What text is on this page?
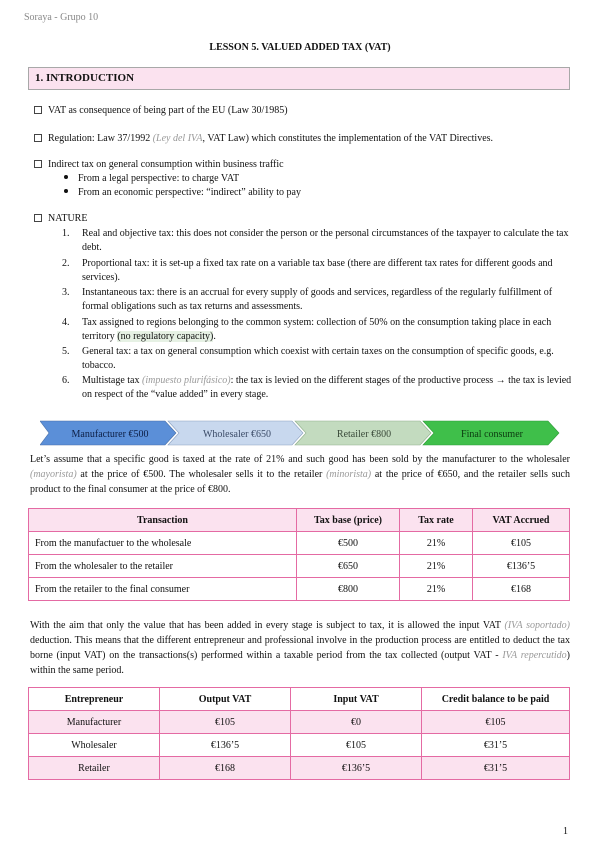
Soraya - Grupo 10
LESSON 5. VALUED ADDED TAX (VAT)
1. INTRODUCTION
VAT as consequence of being part of the EU (Law 30/1985)
Regulation: Law 37/1992 (Ley del IVA, VAT Law) which constitutes the implementation of the VAT Directives.
Indirect tax on general consumption within business traffic
From a legal perspective: to charge VAT
From an economic perspective: “indirect” ability to pay
NATURE
1. Real and objective tax: this does not consider the person or the personal circumstances of the taxpayer to calculate the tax debt.
2. Proportional tax: it is set-up a fixed tax rate on a variable tax base (there are different tax rates for different goods and services).
3. Instantaneous tax: there is an accrual for every supply of goods and services, regardless of the regularly fulfillment of formal obligations such as tax returns and assessments.
4. Tax assigned to regions belonging to the common system: collection of 50% on the consumption taking place in each territory (no regulatory capacity).
5. General tax: a tax on general consumption which coexist with certain taxes on the consumption of specific goods, e.g. tobacco.
6. Multistage tax (impuesto plurifásico): the tax is levied on the different stages of the productive process → the tax is levied on respect of the “value added” in every stage.
Manufacturer €500	Wholesaler €650	Retailer €800	Final consumer
Let’s assume that a specific good is taxed at the rate of 21% and such good has been sold by the manufacturer to the wholesaler (mayorista) at the price of €500. The wholesaler sells it to the retailer (minorista) at the price of €650, and the retailer sells such product to the final consumer at the price of €800.
Transaction	Tax base (price)	Tax rate	VAT Accrued
From the manufactuer to the wholesale	€500	21%	€105
From the wholesaler to the retailer	€650	21%	€136’5
From the retailer to the final consumer	€800	21%	€168
With the aim that only the value that has been added in every stage is subject to tax, it is allowed the input VAT (IVA soportado) deduction. This means that the different entrepreneur and professional involve in the production process are entitled to deduct the tax borne (input VAT) on the transactions(s) performed within a taxable period from the tax collected (output VAT - IVA repercutido) within the same period.
Entrepreneur	Output VAT	Input VAT	Credit balance to be paid
Manufacturer	€105	€0	€105
Wholesaler	€136’5	€105	€31’5
Retailer	€168	€136’5	€31’5
1
